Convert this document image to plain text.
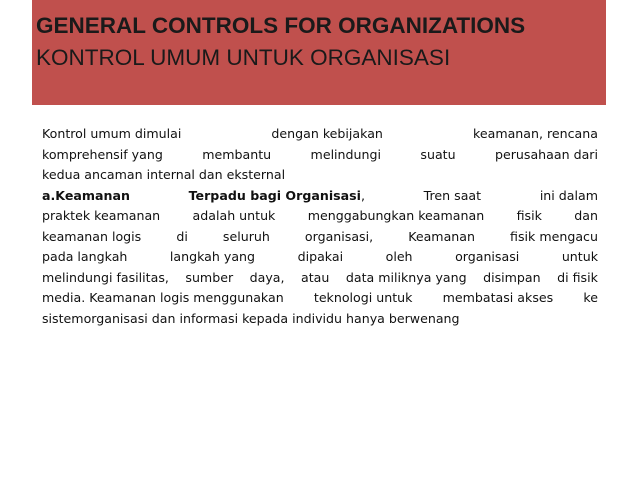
GENERAL CONTROLS FOR ORGANIZATIONS
KONTROL UMUM UNTUK ORGANISASI
Kontrol umum dimulai	dengan kebijakan	keamanan, rencana
komprehensif yang	membantu	melindungi	suatu	perusahaan dari
kedua ancaman internal dan eksternal
a.Keamanan	Terpadu bagi Organisasi,	Tren saat	ini dalam
praktek keamanan	adalah untuk	menggabungkan keamanan	fisik	dan
keamanan logis	di	seluruh	organisasi,	Keamanan	fisik mengacu
pada langkah	langkah yang	dipakai	oleh	organisasi	untuk
melindungi fasilitas, sumber daya, atau data miliknya yang disimpan di fisik
media. Keamanan logis menggunakan teknologi untuk membatasi akses ke
sistemorganisasi dan informasi kepada individu hanya berwenang
